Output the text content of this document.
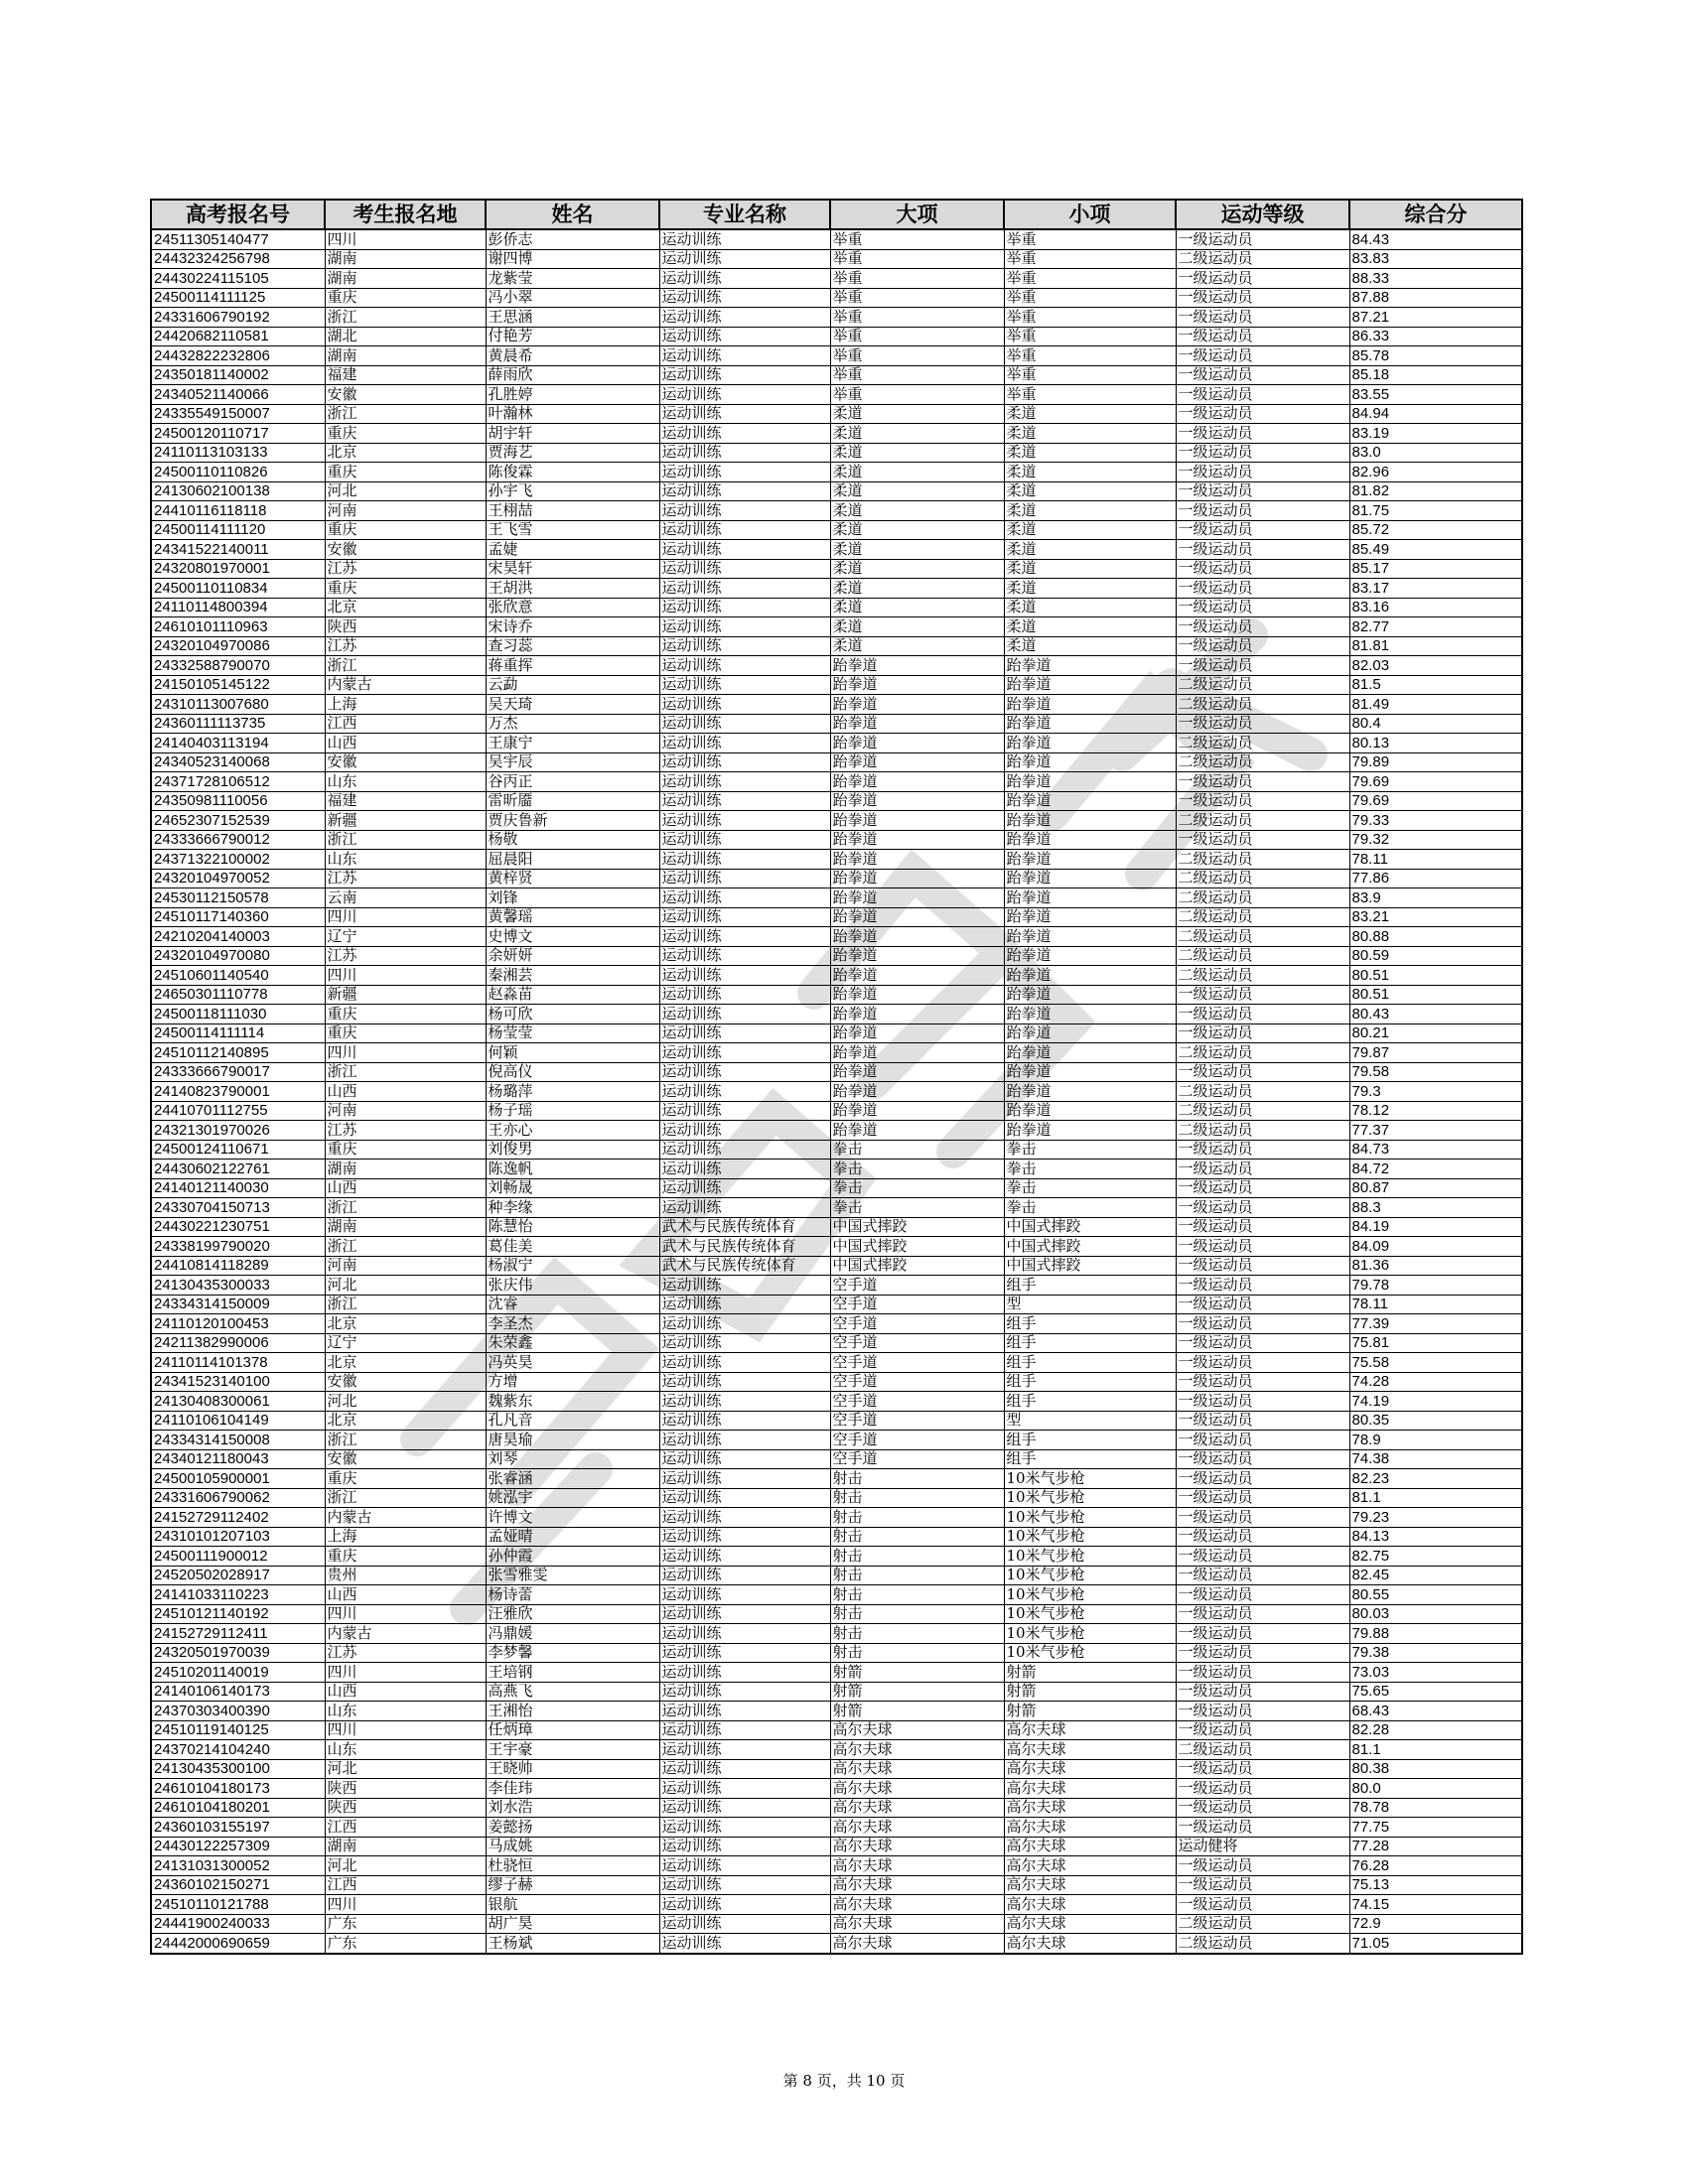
高考报名号	考生报名地	姓名	专业名称	大项	小项	运动等级	综合分
24511305140477	四川	彭侨志	运动训练	举重	举重	一级运动员	84.43
24432324256798	湖南	谢四博	运动训练	举重	举重	二级运动员	83.83
24430224115105	湖南	龙紫莹	运动训练	举重	举重	一级运动员	88.33
24500114111125	重庆	冯小翠	运动训练	举重	举重	一级运动员	87.88
24331606790192	浙江	王思涵	运动训练	举重	举重	一级运动员	87.21
24420682110581	湖北	付艳芳	运动训练	举重	举重	一级运动员	86.33
24432822232806	湖南	黄晨希	运动训练	举重	举重	一级运动员	85.78
24350181140002	福建	薛雨欣	运动训练	举重	举重	一级运动员	85.18
24340521140066	安徽	孔胜婷	运动训练	举重	举重	一级运动员	83.55
24335549150007	浙江	叶瀚林	运动训练	柔道	柔道	一级运动员	84.94
24500120110717	重庆	胡宇轩	运动训练	柔道	柔道	一级运动员	83.19
24110113103133	北京	贾海艺	运动训练	柔道	柔道	一级运动员	83.0
24500110110826	重庆	陈俊霖	运动训练	柔道	柔道	一级运动员	82.96
24130602100138	河北	孙宇飞	运动训练	柔道	柔道	一级运动员	81.82
24410116118118	河南	王栩喆	运动训练	柔道	柔道	一级运动员	81.75
24500114111120	重庆	王飞雪	运动训练	柔道	柔道	一级运动员	85.72
24341522140011	安徽	孟婕	运动训练	柔道	柔道	一级运动员	85.49
24320801970001	江苏	宋昊轩	运动训练	柔道	柔道	一级运动员	85.17
24500110110834	重庆	王胡洪	运动训练	柔道	柔道	一级运动员	83.17
24110114800394	北京	张欣意	运动训练	柔道	柔道	一级运动员	83.16
24610101110963	陕西	宋诗乔	运动训练	柔道	柔道	一级运动员	82.77
24320104970086	江苏	查习蕊	运动训练	柔道	柔道	一级运动员	81.81
24332588790070	浙江	蒋重挥	运动训练	跆拳道	跆拳道	一级运动员	82.03
24150105145122	内蒙古	云勐	运动训练	跆拳道	跆拳道	二级运动员	81.5
24310113007680	上海	吴天琦	运动训练	跆拳道	跆拳道	二级运动员	81.49
24360111113735	江西	万杰	运动训练	跆拳道	跆拳道	一级运动员	80.4
24140403113194	山西	王康宁	运动训练	跆拳道	跆拳道	二级运动员	80.13
24340523140068	安徽	吴宇辰	运动训练	跆拳道	跆拳道	二级运动员	79.89
24371728106512	山东	谷丙正	运动训练	跆拳道	跆拳道	一级运动员	79.69
24350981110056	福建	雷昕靥	运动训练	跆拳道	跆拳道	一级运动员	79.69
24652307152539	新疆	贾庆鲁新	运动训练	跆拳道	跆拳道	二级运动员	79.33
24333666790012	浙江	杨敬	运动训练	跆拳道	跆拳道	一级运动员	79.32
24371322100002	山东	屈晨阳	运动训练	跆拳道	跆拳道	二级运动员	78.11
24320104970052	江苏	黄梓贤	运动训练	跆拳道	跆拳道	二级运动员	77.86
24530112150578	云南	刘锋	运动训练	跆拳道	跆拳道	二级运动员	83.9
24510117140360	四川	黄馨瑶	运动训练	跆拳道	跆拳道	二级运动员	83.21
24210204140003	辽宁	史博文	运动训练	跆拳道	跆拳道	二级运动员	80.88
24320104970080	江苏	余妍妍	运动训练	跆拳道	跆拳道	二级运动员	80.59
24510601140540	四川	秦湘芸	运动训练	跆拳道	跆拳道	二级运动员	80.51
24650301110778	新疆	赵淼苗	运动训练	跆拳道	跆拳道	一级运动员	80.51
24500118111030	重庆	杨可欣	运动训练	跆拳道	跆拳道	一级运动员	80.43
24500114111114	重庆	杨莹莹	运动训练	跆拳道	跆拳道	一级运动员	80.21
24510112140895	四川	何颖	运动训练	跆拳道	跆拳道	二级运动员	79.87
24333666790017	浙江	倪高仪	运动训练	跆拳道	跆拳道	一级运动员	79.58
24140823790001	山西	杨璐萍	运动训练	跆拳道	跆拳道	二级运动员	79.3
24410701112755	河南	杨子瑶	运动训练	跆拳道	跆拳道	二级运动员	78.12
24321301970026	江苏	王亦心	运动训练	跆拳道	跆拳道	二级运动员	77.37
24500124110671	重庆	刘俊男	运动训练	拳击	拳击	一级运动员	84.73
24430602122761	湖南	陈逸帆	运动训练	拳击	拳击	一级运动员	84.72
24140121140030	山西	刘畅晟	运动训练	拳击	拳击	一级运动员	80.87
24330704150713	浙江	种李缘	运动训练	拳击	拳击	一级运动员	88.3
24430221230751	湖南	陈慧怡	武术与民族传统体育	中国式摔跤	中国式摔跤	一级运动员	84.19
24338199790020	浙江	葛佳美	武术与民族传统体育	中国式摔跤	中国式摔跤	一级运动员	84.09
24410814118289	河南	杨淑宁	武术与民族传统体育	中国式摔跤	中国式摔跤	一级运动员	81.36
24130435300033	河北	张庆伟	运动训练	空手道	组手	一级运动员	79.78
24334314150009	浙江	沈睿	运动训练	空手道	型	一级运动员	78.11
24110120100453	北京	李圣杰	运动训练	空手道	组手	一级运动员	77.39
24211382990006	辽宁	朱荣鑫	运动训练	空手道	组手	一级运动员	75.81
24110114101378	北京	冯英昊	运动训练	空手道	组手	一级运动员	75.58
24341523140100	安徽	方增	运动训练	空手道	组手	一级运动员	74.28
24130408300061	河北	魏紫东	运动训练	空手道	组手	一级运动员	74.19
24110106104149	北京	孔凡音	运动训练	空手道	型	一级运动员	80.35
24334314150008	浙江	唐昊瑜	运动训练	空手道	组手	一级运动员	78.9
24340121180043	安徽	刘琴	运动训练	空手道	组手	一级运动员	74.38
24500105900001	重庆	张睿涵	运动训练	射击	10米气步枪	一级运动员	82.23
24331606790062	浙江	姚泓宇	运动训练	射击	10米气步枪	一级运动员	81.1
24152729112402	内蒙古	许博文	运动训练	射击	10米气步枪	一级运动员	79.23
24310101207103	上海	孟娅晴	运动训练	射击	10米气步枪	一级运动员	84.13
24500111900012	重庆	孙仲霞	运动训练	射击	10米气步枪	一级运动员	82.75
24520502028917	贵州	张雪雅雯	运动训练	射击	10米气步枪	一级运动员	82.45
24141033110223	山西	杨诗蕾	运动训练	射击	10米气步枪	一级运动员	80.55
24510121140192	四川	汪雅欣	运动训练	射击	10米气步枪	一级运动员	80.03
24152729112411	内蒙古	冯鼎媛	运动训练	射击	10米气步枪	一级运动员	79.88
24320501970039	江苏	李梦馨	运动训练	射击	10米气步枪	一级运动员	79.38
24510201140019	四川	王培钢	运动训练	射箭	射箭	一级运动员	73.03
24140106140173	山西	高燕飞	运动训练	射箭	射箭	一级运动员	75.65
24370303400390	山东	王湘怡	运动训练	射箭	射箭	一级运动员	68.43
24510119140125	四川	任炳璋	运动训练	高尔夫球	高尔夫球	一级运动员	82.28
24370214104240	山东	王宇豪	运动训练	高尔夫球	高尔夫球	二级运动员	81.1
24130435300100	河北	王晓帅	运动训练	高尔夫球	高尔夫球	一级运动员	80.38
24610104180173	陕西	李佳玮	运动训练	高尔夫球	高尔夫球	一级运动员	80.0
24610104180201	陕西	刘水浩	运动训练	高尔夫球	高尔夫球	一级运动员	78.78
24360103155197	江西	姜懿扬	运动训练	高尔夫球	高尔夫球	一级运动员	77.75
24430122257309	湖南	马成姚	运动训练	高尔夫球	高尔夫球	运动健将	77.28
24131031300052	河北	杜骁恒	运动训练	高尔夫球	高尔夫球	一级运动员	76.28
24360102150271	江西	缪子赫	运动训练	高尔夫球	高尔夫球	一级运动员	75.13
24510110121788	四川	银航	运动训练	高尔夫球	高尔夫球	一级运动员	74.15
24441900240033	广东	胡广昊	运动训练	高尔夫球	高尔夫球	二级运动员	72.9
24442000690659	广东	王杨斌	运动训练	高尔夫球	高尔夫球	二级运动员	71.05
第 8 页，共 10 页
